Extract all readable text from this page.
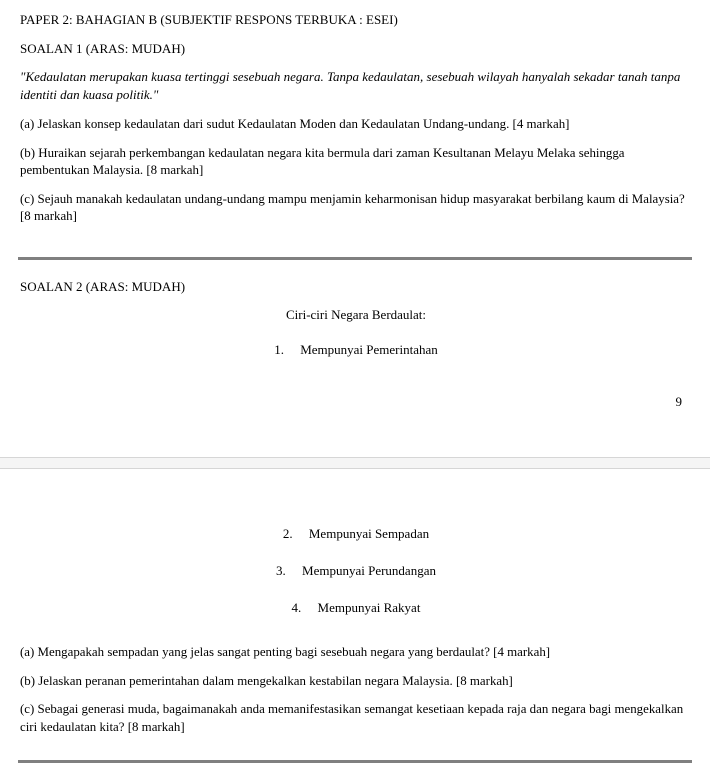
PAPER 2: BAHAGIAN B (SUBJEKTIF RESPONS TERBUKA : ESEI)

SOALAN 1 (ARAS: MUDAH)

"Kedaulatan merupakan kuasa tertinggi sesebuah negara. Tanpa kedaulatan, sesebuah wilayah hanyalah sekadar tanah tanpa identiti dan kuasa politik."

(a) Jelaskan konsep kedaulatan dari sudut Kedaulatan Moden dan Kedaulatan Undang-undang. [4 markah]

(b) Huraikan sejarah perkembangan kedaulatan negara kita bermula dari zaman Kesultanan Melayu Melaka sehingga pembentukan Malaysia. [8 markah]

(c) Sejauh manakah kedaulatan undang-undang mampu menjamin keharmonisan hidup masyarakat berbilang kaum di Malaysia? [8 markah]

SOALAN 2 (ARAS: MUDAH)

Ciri-ciri Negara Berdaulat:

1. Mempunyai Pemerintahan

9

2. Mempunyai Sempadan

3. Mempunyai Perundangan

4. Mempunyai Rakyat

(a) Mengapakah sempadan yang jelas sangat penting bagi sesebuah negara yang berdaulat? [4 markah]

(b) Jelaskan peranan pemerintahan dalam mengekalkan kestabilan negara Malaysia. [8 markah]

(c) Sebagai generasi muda, bagaimanakah anda memanifestasikan semangat kesetiaan kepada raja dan negara bagi mengekalkan ciri kedaulatan kita? [8 markah]
